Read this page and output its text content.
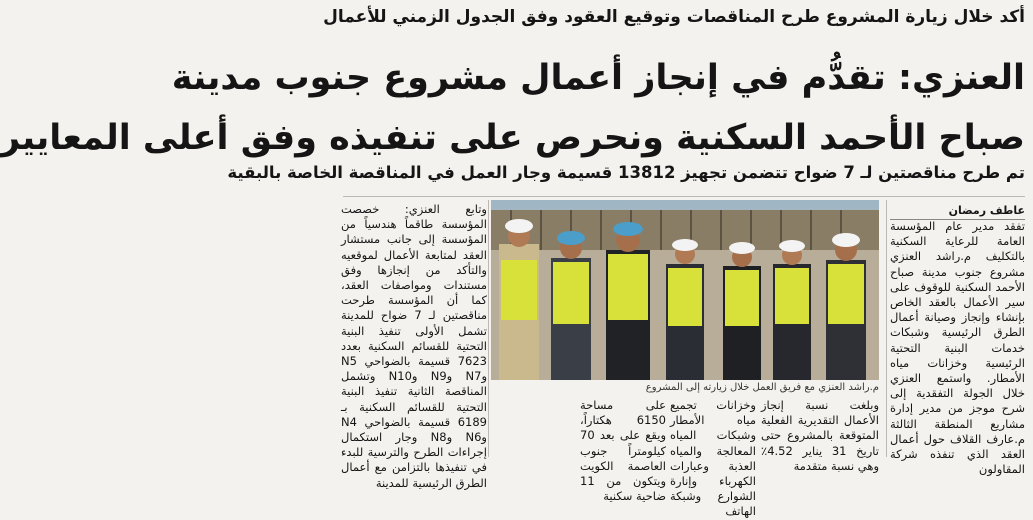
أكد خلال زيارة المشروع طرح المناقصات وتوقيع العقود وفق الجدول الزمني للأعمال
العنزي: تقدُّم في إنجاز أعمال مشروع جنوب مدينة
صباح الأحمد السكنية ونحرص على تنفيذه وفق أعلى المعايير
تم طرح مناقصتين لـ 7 ضواح تتضمن تجهيز 13812 قسيمة وجار العمل في المناقصة الخاصة بالبقية
عاطف رمضان

تفقد مدير عام المؤسسة العامة للرعاية السكنية بالتكليف م.راشد العنزي مشروع جنوب مدينة صباح الأحمد السكنية للوقوف على سير الأعمال بالعقد الخاص بإنشاء وإنجاز وصيانة أعمال الطرق الرئيسية وشبكات خدمات البنية التحتية الرئيسية وخزانات مياه الأمطار. واستمع العنزي خلال الجولة التفقدية إلى شرح موجز من مدير إدارة مشاريع المنطقة الثالثة م.عارف القلاف حول أعمال العقد الذي تنفذه شركة المقاولون

وتابع العنزي: خصصت المؤسسة طاقماً هندسياً من المؤسسة إلى جانب مستشار العقد لمتابعة الأعمال لموقعيه والتأكد من إنجازها وفق مستندات ومواصفات العقد، كما أن المؤسسة طرحت مناقصتين لـ 7 ضواح للمدينة تشمل الأولى تنفيذ البنية التحتية للقسائم السكنية بعدد 7623 قسيمة بالضواحي N5 وN7 وN9 وN10 وتشمل المناقصة الثانية تنفيذ البنية التحتية للقسائم السكنية بـ 6189 قسيمة بالضواحي N4 وN6 وN8 وجار استكمال إجراءات الطرح والترسية للبدء في تنفيذها بالتزامن مع أعمال الطرق الرئيسية للمدينة

م.راشد العنزي مع فريق العمل خلال زيارته إلى المشروع
وبلغت نسبة إنجاز الأعمال التقديرية الفعلية المتوقعة بالمشروع حتى تاريخ 31 يناير 4.52٪ وهي نسبة متقدمة
وخزانات تجميع مياه الأمطار وشبكات المياه المعالجة والمياه العذبة وعبارات الكهرباء وإنارة الشوارع وشبكة الهاتف
على مساحة 6150 هكتاراً، ويقع على بعد 70 كيلومتراً جنوب العاصمة الكويت ويتكون من 11 ضاحية سكنية
